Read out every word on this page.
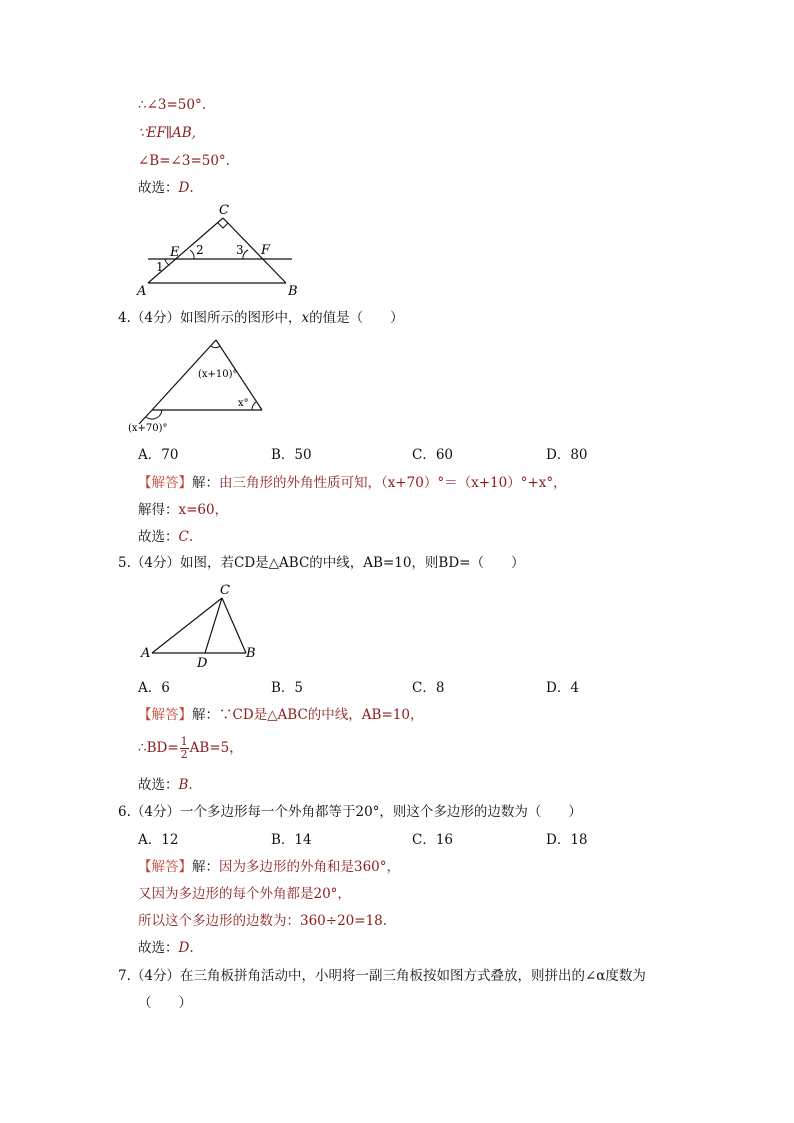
∴∠3=50°.
∵EF∥AB,
∠B=∠3=50°.
故选：D.
C
E	F
A	B
1
2	3
4.（4分）如图所示的图形中，x的值是（　　）
(x+10)°
x°
(x+70)°
A．70	B．50	C．60	D．80
【解答】解：由三角形的外角性质可知，（x+70）°＝（x+10）°+x°，
解得：x=60，
故选：C.
5.（4分）如图，若CD是△ABC的中线，AB=10，则BD=（　　）
C
A
D
B
A．6	B．5	C．8	D．4
【解答】解：∵CD是△ABC的中线，AB=10，
∴BD= $\frac{1}{2} AB=5$，
故选：B.
6.（4分）一个多边形每一个外角都等于20°，则这个多边形的边数为（　　）
A．12	B．14	C．16	D．18
【解答】解：因为多边形的外角和是360°，
又因为多边形的每个外角都是20°，
所以这个多边形的边数为：360÷20=18.
故选：D.
7.（4分）在三角板拼角活动中，小明将一副三角板按如图方式叠放，则拼出的∠α度数为
（　　）
